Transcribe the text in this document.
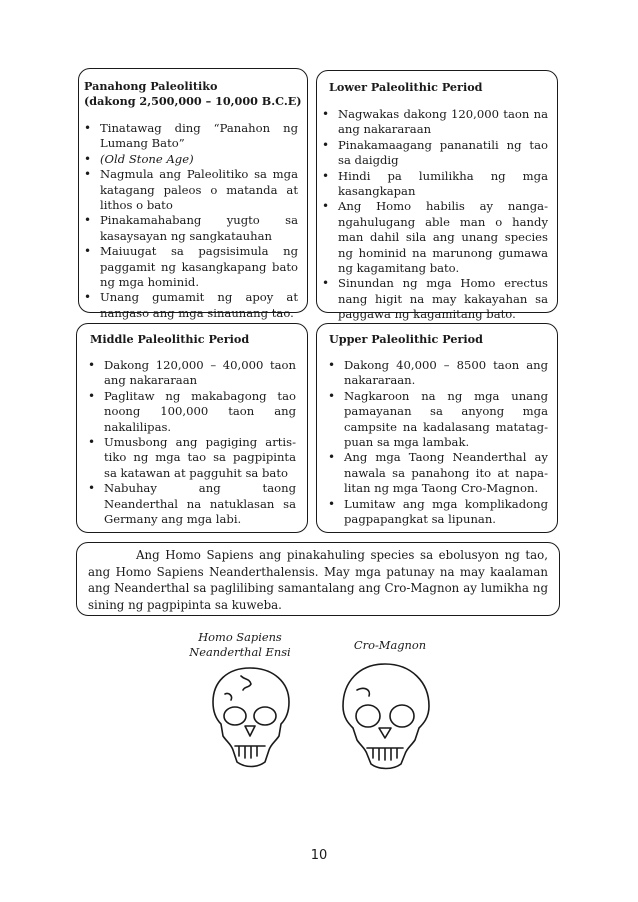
Panahong Paleolitiko
(dakong 2,500,000 – 10,000 B.C.E)
• Tinatawag ding “Panahon ng Lumang Bato”
• (Old Stone Age)
• Nagmula ang Paleolitiko sa mga katagang paleos o matanda at lithos o bato
• Pinakamahabang yugto sa kasaysayan ng sangkatauhan
• Maiuugat sa pagsisimula ng paggamit ng kasangkapang bato ng mga hominid.
• Unang gumamit ng apoy at nangaso ang mga sinaunang tao.
Lower Paleolithic Period
• Nagwakas dakong 120,000 taon na ang nakararaan
• Pinakamaagang pananatili ng tao sa daigdig
• Hindi pa lumilikha ng mga kasangkapan
• Ang Homo habilis ay nanga-ngahulugang able man o handy man dahil sila ang unang species ng hominid na marunong gumawa ng kagamitang bato.
• Sinundan ng mga Homo erectus nang higit na may kakayahan sa paggawa ng kagamitang bato.
Middle Paleolithic Period
• Dakong 120,000 – 40,000 taon ang nakararaan
• Paglitaw ng makabagong tao noong 100,000 taon ang nakalilipas.
• Umusbong ang pagiging artis-tiko ng mga tao sa pagpipinta sa katawan at pagguhit sa bato
• Nabuhay ang taong Neanderthal na natuklasan sa Germany ang mga labi.
Upper Paleolithic Period
• Dakong 40,000 – 8500 taon ang nakararaan.
• Nagkaroon na ng mga unang pamayanan sa anyong mga campsite na kadalasang matatag-puan sa mga lambak.
• Ang mga Taong Neanderthal ay nawala sa panahong ito at napa-litan ng mga Taong Cro-Magnon.
• Lumitaw ang mga komplikadong pagpapangkat sa lipunan.
Ang Homo Sapiens ang pinakahuling species sa ebolusyon ng tao, ang Homo Sapiens Neanderthalensis. May mga patunay na may kaalaman ang Neanderthal sa paglilibing samantalang ang Cro-Magnon ay lumikha ng sining ng pagpipinta sa kuweba.
Homo Sapiens
Neanderthal Ensi	Cro-Magnon
10
